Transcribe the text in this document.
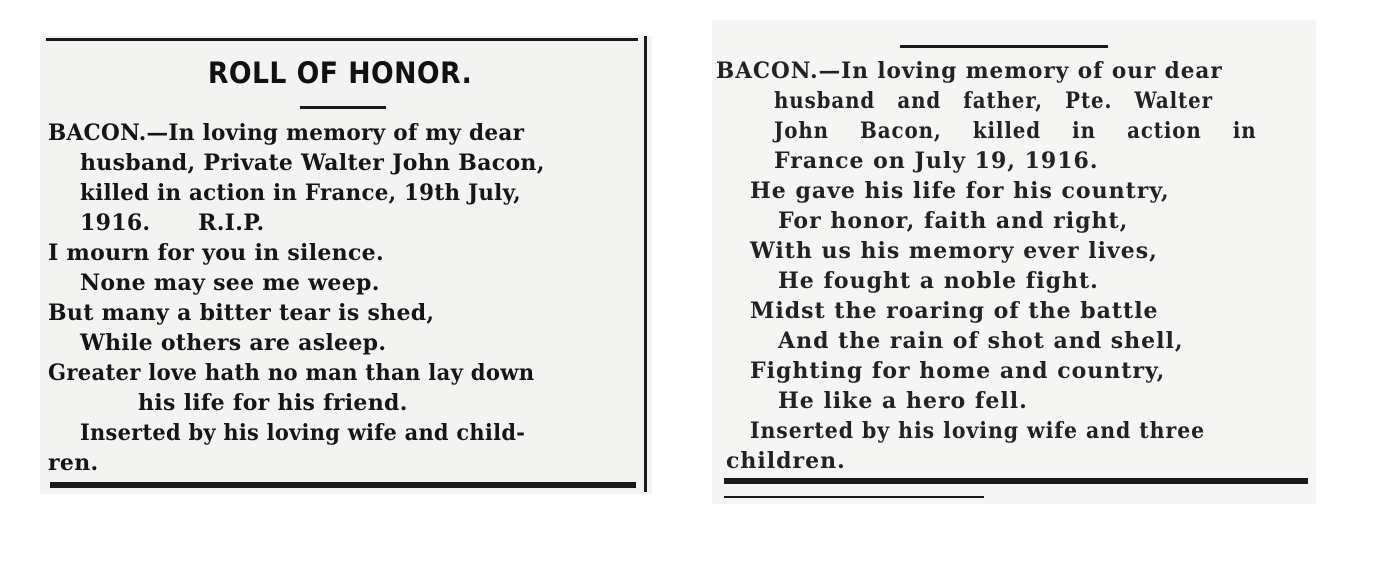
ROLL OF HONOR.
BACON.—In loving memory of my dear
husband, Private Walter John Bacon,
killed in action in France, 19th July,
1916.      R.I.P.
I mourn for you in silence.
None may see me weep.
But many a bitter tear is shed,
While others are asleep.
Greater love hath no man than lay down
his life for his friend.
Inserted by his loving wife and child-
ren.
BACON.—In loving memory of our dear
husband and father, Pte. Walter
John Bacon, killed in action in
France on July 19, 1916.
He gave his life for his country,
For honor, faith and right,
With us his memory ever lives,
He fought a noble fight.
Midst the roaring of the battle
And the rain of shot and shell,
Fighting for home and country,
He like a hero fell.
Inserted by his loving wife and three
children.
